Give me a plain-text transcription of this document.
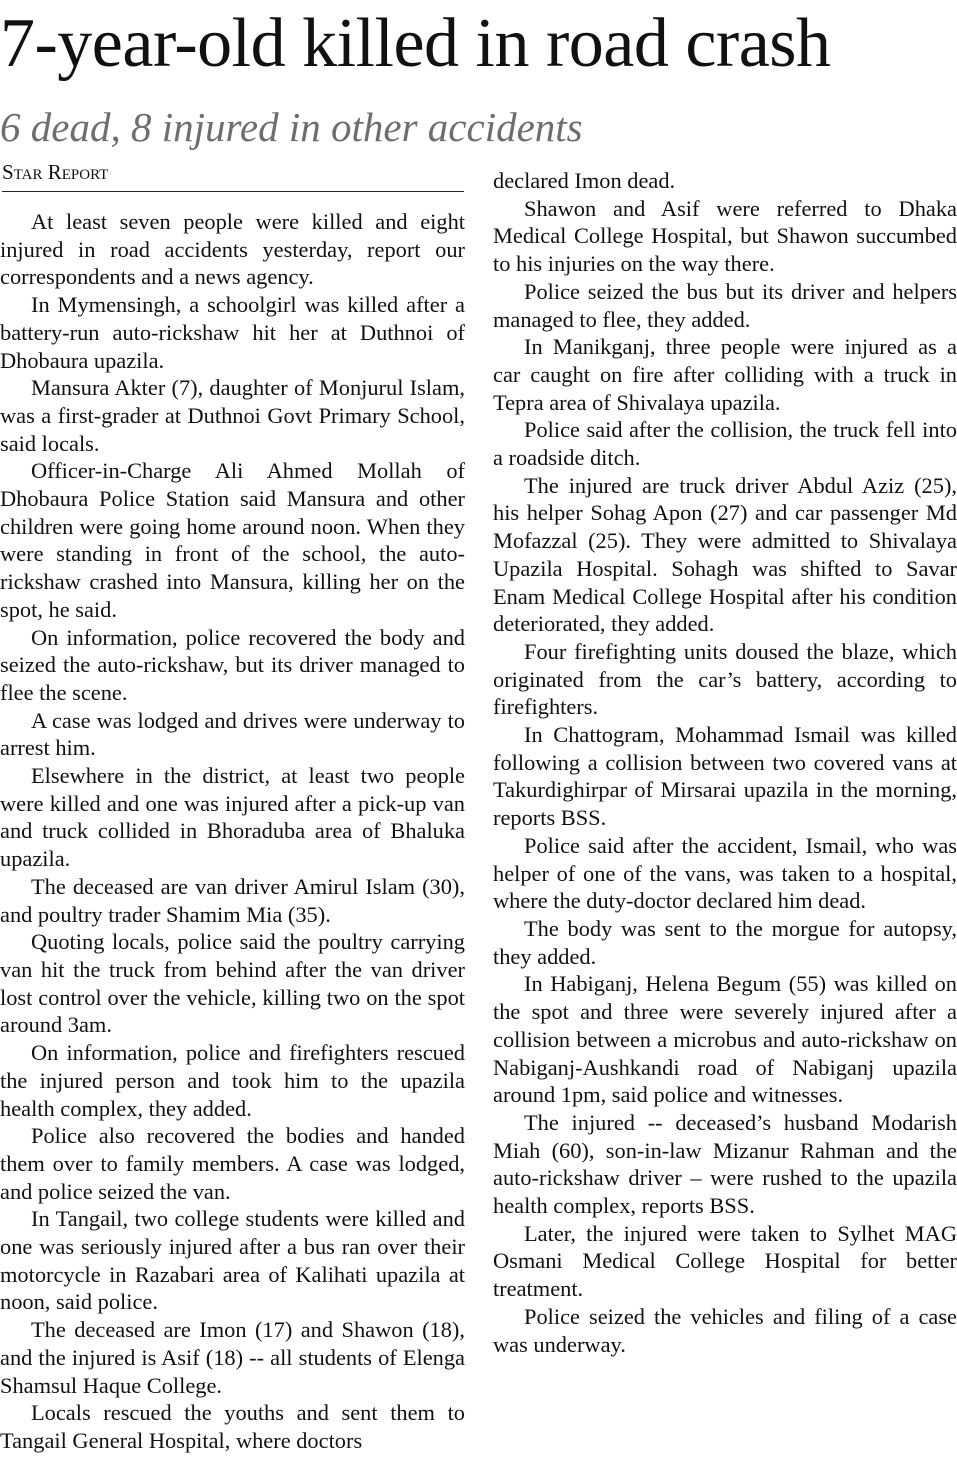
7-year-old killed in road crash
6 dead, 8 injured in other accidents
Star Report

At least seven people were killed and eight injured in road accidents yesterday, report our correspondents and a news agency.

In Mymensingh, a schoolgirl was killed after a battery-run auto-rickshaw hit her at Duthnoi of Dhobaura upazila.

Mansura Akter (7), daughter of Monjurul Islam, was a first-grader at Duthnoi Govt Primary School, said locals.

Officer-in-Charge Ali Ahmed Mollah of Dhobaura Police Station said Mansura and other children were going home around noon. When they were standing in front of the school, the auto-rickshaw crashed into Mansura, killing her on the spot, he said.

On information, police recovered the body and seized the auto-rickshaw, but its driver managed to flee the scene.

A case was lodged and drives were underway to arrest him.

Elsewhere in the district, at least two people were killed and one was injured after a pick-up van and truck collided in Bhoraduba area of Bhaluka upazila.

The deceased are van driver Amirul Islam (30), and poultry trader Shamim Mia (35).

Quoting locals, police said the poultry carrying van hit the truck from behind after the van driver lost control over the vehicle, killing two on the spot around 3am.

On information, police and firefighters rescued the injured person and took him to the upazila health complex, they added.

Police also recovered the bodies and handed them over to family members. A case was lodged, and police seized the van.

In Tangail, two college students were killed and one was seriously injured after a bus ran over their motorcycle in Razabari area of Kalihati upazila at noon, said police.

The deceased are Imon (17) and Shawon (18), and the injured is Asif (18) -- all students of Elenga Shamsul Haque College.

Locals rescued the youths and sent them to Tangail General Hospital, where doctors

declared Imon dead.

Shawon and Asif were referred to Dhaka Medical College Hospital, but Shawon succumbed to his injuries on the way there.

Police seized the bus but its driver and helpers managed to flee, they added.

In Manikganj, three people were injured as a car caught on fire after colliding with a truck in Tepra area of Shivalaya upazila.

Police said after the collision, the truck fell into a roadside ditch.

The injured are truck driver Abdul Aziz (25), his helper Sohag Apon (27) and car passenger Md Mofazzal (25). They were admitted to Shivalaya Upazila Hospital. Sohagh was shifted to Savar Enam Medical College Hospital after his condition deteriorated, they added.

Four firefighting units doused the blaze, which originated from the car’s battery, according to firefighters.

In Chattogram, Mohammad Ismail was killed following a collision between two covered vans at Takurdighirpar of Mirsarai upazila in the morning, reports BSS.

Police said after the accident, Ismail, who was helper of one of the vans, was taken to a hospital, where the duty-doctor declared him dead.

The body was sent to the morgue for autopsy, they added.

In Habiganj, Helena Begum (55) was killed on the spot and three were severely injured after a collision between a microbus and auto-rickshaw on Nabiganj-Aushkandi road of Nabiganj upazila around 1pm, said police and witnesses.

The injured -- deceased’s husband Modarish Miah (60), son-in-law Mizanur Rahman and the auto-rickshaw driver – were rushed to the upazila health complex, reports BSS.

Later, the injured were taken to Sylhet MAG Osmani Medical College Hospital for better treatment.

Police seized the vehicles and filing of a case was underway.
